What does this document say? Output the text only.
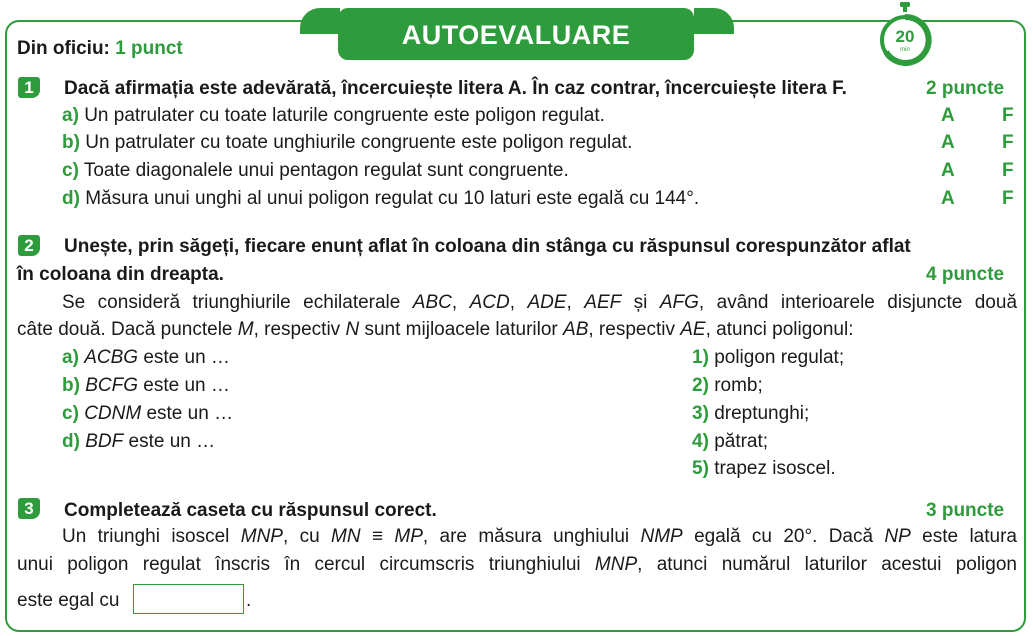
AUTOEVALUARE	20
min
Din oficiu: 1 punct
1	Dacă afirmația este adevărată, încercuiește litera A. În caz contrar, încercuiește litera F.	2 puncte
a) Un patrulater cu toate laturile congruente este poligon regulat.	A F
b) Un patrulater cu toate unghiurile congruente este poligon regulat.	A F
c) Toate diagonalele unui pentagon regulat sunt congruente.	A F
d) Măsura unui unghi al unui poligon regulat cu 10 laturi este egală cu 144°.	A F
2	Unește, prin săgeți, fiecare enunț aflat în coloana din stânga cu răspunsul corespunzător aflat
în coloana din dreapta.	4 puncte
Se consideră triunghiurile echilaterale ABC, ACD, ADE, AEF și AFG, având interioarele disjuncte două
câte două. Dacă punctele M, respectiv N sunt mijloacele laturilor AB, respectiv AE, atunci poligonul:
a) ACBG este un …
b) BCFG este un …
c) CDNM este un …
d) BDF este un …
1) poligon regulat;
2) romb;
3) dreptunghi;
4) pătrat;
5) trapez isoscel.
3	Completează caseta cu răspunsul corect.	3 puncte
Un triunghi isoscel MNP, cu MN ≡ MP, are măsura unghiului NMP egală cu 20°. Dacă NP este latura
unui poligon regulat înscris în cercul circumscris triunghiului MNP, atunci numărul laturilor acestui poligon
este egal cu	.
